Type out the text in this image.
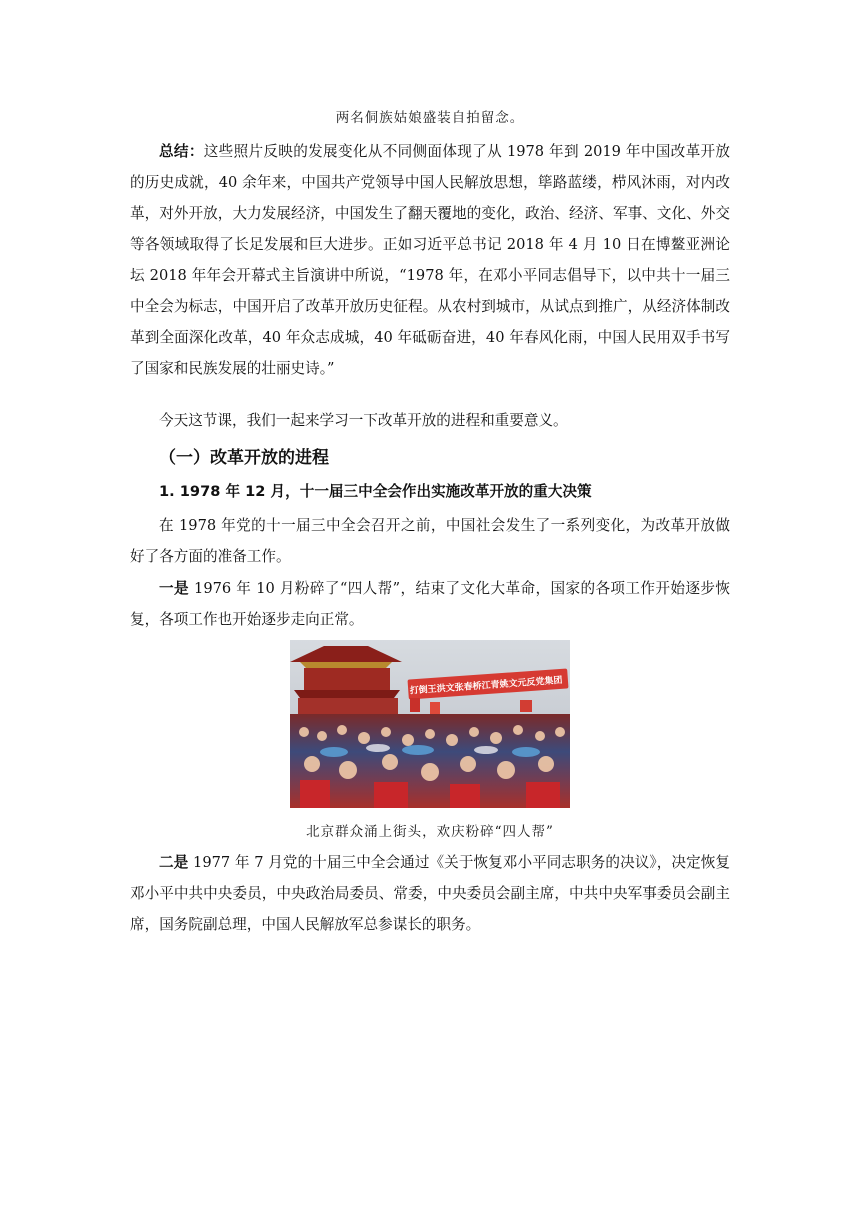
两名侗族姑娘盛装自拍留念。

总结：这些照片反映的发展变化从不同侧面体现了从 1978 年到 2019 年中国改革开放的历史成就，40 余年来，中国共产党领导中国人民解放思想，筚路蓝缕，栉风沐雨，对内改革，对外开放，大力发展经济，中国发生了翻天覆地的变化，政治、经济、军事、文化、外交等各领域取得了长足发展和巨大进步。正如习近平总书记 2018 年 4 月 10 日在博鳌亚洲论坛 2018 年年会开幕式主旨演讲中所说，“1978 年，在邓小平同志倡导下，以中共十一届三中全会为标志，中国开启了改革开放历史征程。从农村到城市，从试点到推广，从经济体制改革到全面深化改革，40 年众志成城，40 年砥砺奋进，40 年春风化雨，中国人民用双手书写了国家和民族发展的壮丽史诗。”

今天这节课，我们一起来学习一下改革开放的进程和重要意义。

（一）改革开放的进程
1. 1978 年 12 月，十一届三中全会作出实施改革开放的重大决策

在 1978 年党的十一届三中全会召开之前，中国社会发生了一系列变化，为改革开放做好了各方面的准备工作。

一是 1976 年 10 月粉碎了“四人帮”，结束了文化大革命，国家的各项工作开始逐步恢复，各项工作也开始逐步走向正常。

打倒王洪文张春桥江青姚文元反党集团
北京群众涌上街头，欢庆粉碎“四人帮”

二是 1977 年 7 月党的十届三中全会通过《关于恢复邓小平同志职务的决议》，决定恢复邓小平中共中央委员，中央政治局委员、常委，中央委员会副主席，中共中央军事委员会副主席，国务院副总理，中国人民解放军总参谋长的职务。
